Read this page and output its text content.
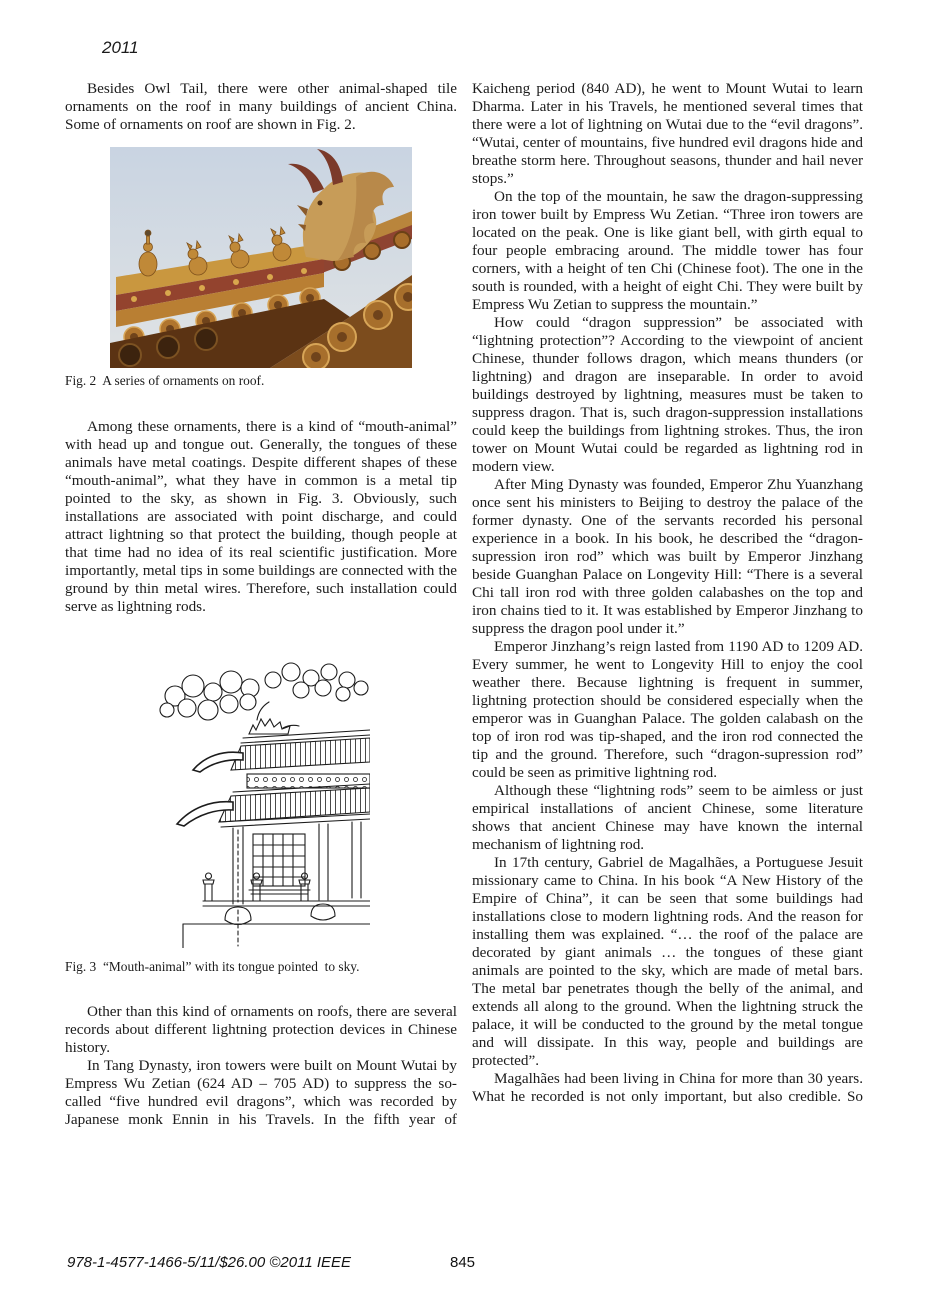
2011

Besides Owl Tail, there were other animal-shaped tile ornaments on the roof in many buildings of ancient China. Some of ornaments on roof are shown in Fig. 2.

Fig. 2  A series of ornaments on roof.

Among these ornaments, there is a kind of “mouth-animal” with head up and tongue out. Generally, the tongues of these animals have metal coatings. Despite different shapes of these “mouth-animal”, what they have in common is a metal tip pointed to the sky, as shown in Fig. 3. Obviously, such installations are associated with point discharge, and could attract lightning so that protect the building, though people at that time had no idea of its real scientific justification. More importantly, metal tips in some buildings are connected with the ground by thin metal wires. Therefore, such installation could serve as lightning rods.

Fig. 3  “Mouth-animal” with its tongue pointed  to sky.

Other than this kind of ornaments on roofs, there are several records about different lightning protection devices in Chinese history.

In Tang Dynasty, iron towers were built on Mount Wutai by Empress Wu Zetian (624 AD – 705 AD) to suppress the so-called “five hundred evil dragons”, which was recorded by Japanese monk Ennin in his Travels. In the fifth year of

Kaicheng period (840 AD), he went to Mount Wutai to learn Dharma. Later in his Travels, he mentioned several times that there were a lot of lightning on Wutai due to the “evil dragons”. “Wutai, center of mountains, five hundred evil dragons hide and breathe storm here. Throughout seasons, thunder and hail never stops.”

On the top of the mountain, he saw the dragon-suppressing iron tower built by Empress Wu Zetian. “Three iron towers are located on the peak. One is like giant bell, with girth equal to four people embracing around. The middle tower has four corners, with a height of ten Chi (Chinese foot). The one in the south is rounded, with a height of eight Chi. They were built by Empress Wu Zetian to suppress the mountain.”

How could “dragon suppression” be associated with “lightning protection”? According to the viewpoint of ancient Chinese, thunder follows dragon, which means thunders (or lightning) and dragon are inseparable. In order to avoid buildings destroyed by lightning, measures must be taken to suppress dragon. That is, such dragon-suppression installations could keep the buildings from lightning strokes. Thus, the iron tower on Mount Wutai could be regarded as lightning rod in modern view.

After Ming Dynasty was founded, Emperor Zhu Yuanzhang once sent his ministers to Beijing to destroy the palace of the former dynasty. One of the servants recorded his personal experience in a book. In his book, he described the “dragon-supression iron rod” which was built by Emperor Jinzhang beside Guanghan Palace on Longevity Hill: “There is a several Chi tall iron rod with three golden calabashes on the top and iron chains tied to it. It was established by Emperor Jinzhang to suppress the dragon pool under it.”

Emperor Jinzhang’s reign lasted from 1190 AD to 1209 AD. Every summer, he went to Longevity Hill to enjoy the cool weather there. Because lightning is frequent in summer, lightning protection should be considered especially when the emperor was in Guanghan Palace. The golden calabash on the top of iron rod was tip-shaped, and the iron rod connected the tip and the ground. Therefore, such “dragon-supression rod” could be seen as primitive lightning rod.

Although these “lightning rods” seem to be aimless or just empirical installations of ancient Chinese, some literature shows that ancient Chinese may have known the internal mechanism of lightning rod.

In 17th century, Gabriel de Magalhães, a Portuguese Jesuit missionary came to China. In his book “A New History of the Empire of China”, it can be seen that some buildings had installations close to modern lightning rods. And the reason for installing them was explained. “… the roof of the palace are decorated by giant animals … the tongues of these giant animals are pointed to the sky, which are made of metal bars. The metal bar penetrates though the belly of the animal, and extends all along to the ground. When the lightning struck the palace, it will be conducted to the ground by the metal tongue and will dissipate. In this way, people and buildings are protected”.

Magalhães had been living in China for more than 30 years. What he recorded is not only important, but also credible. So

978-1-4577-1466-5/11/$26.00 ©2011 IEEE	845
